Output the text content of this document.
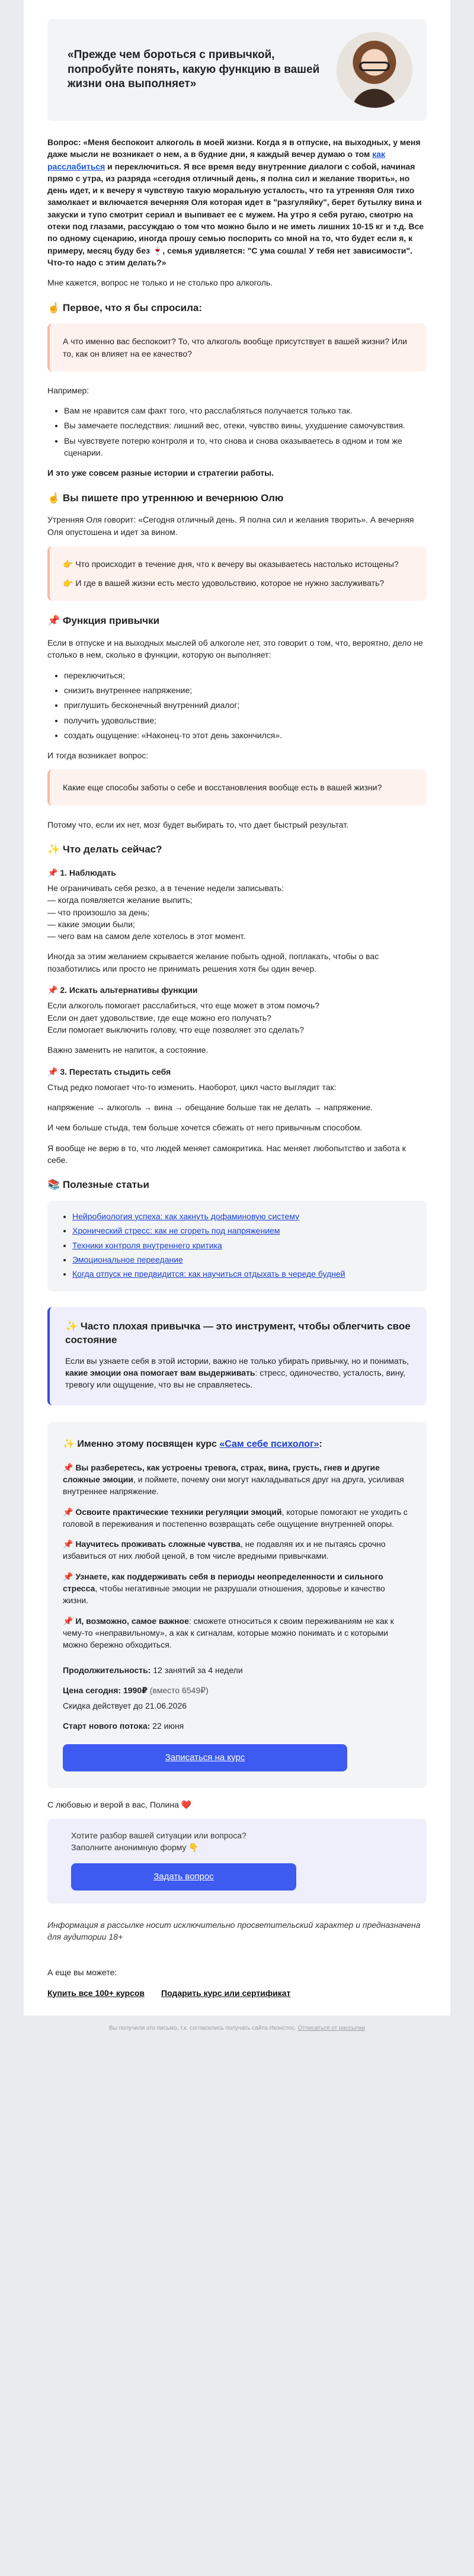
«Прежде чем бороться с привычкой, попробуйте понять, какую функцию в вашей жизни она выполняет»

Вопрос: «Меня беспокоит алкоголь в моей жизни. Когда я в отпуске, на выходных, у меня даже мысли не возникает о нем, а в будние дни, я каждый вечер думаю о том как расслабиться и переключиться. Я все время веду внутренние диалоги с собой, начиная прямо с утра, из разряда «сегодня отличный день, я полна сил и желание творить», но день идет, и к вечеру я чувствую такую моральную усталость, что та утренняя Оля тихо замолкает и включается вечерняя Оля которая идет в "разгуляйку", берет бутылку вина и закуски и тупо смотрит сериал и выпивает ее с мужем. На утро я себя ругаю, смотрю на отеки под глазами, рассуждаю о том что можно было и не иметь лишних 10-15 кг и т.д. Все по одному сценарию, иногда прошу семью поспорить со мной на то, что будет если я, к примеру, месяц буду без 🍷, семья удивляется: "С ума сошла! У тебя нет зависимости". Что-то надо с этим делать?»

Мне кажется, вопрос не только и не столько про алкоголь.

☝️ Первое, что я бы спросила:

А что именно вас беспокоит? То, что алкоголь вообще присутствует в вашей жизни? Или то, как он влияет на ее качество?

Например:

• Вам не нравится сам факт того, что расслабляться получается только так.
• Вы замечаете последствия: лишний вес, отеки, чувство вины, ухудшение самочувствия.
• Вы чувствуете потерю контроля и то, что снова и снова оказываетесь в одном и том же сценарии.

И это уже совсем разные истории и стратегии работы.

☝️ Вы пишете про утреннюю и вечернюю Олю

Утренняя Оля говорит: «Сегодня отличный день. Я полна сил и желания творить». А вечерняя Оля опустошена и идет за вином.

👉 Что происходит в течение дня, что к вечеру вы оказываетесь настолько истощены?

👉 И где в вашей жизни есть место удовольствию, которое не нужно заслуживать?

📌 Функция привычки

Если в отпуске и на выходных мыслей об алкоголе нет, это говорит о том, что, вероятно, дело не столько в нем, сколько в функции, которую он выполняет:

• переключиться;
• снизить внутреннее напряжение;
• приглушить бесконечный внутренний диалог;
• получить удовольствие;
• создать ощущение: «Наконец-то этот день закончился».

И тогда возникает вопрос:

Какие еще способы заботы о себе и восстановления вообще есть в вашей жизни?

Потому что, если их нет, мозг будет выбирать то, что дает быстрый результат.

✨ Что делать сейчас?
📌 1. Наблюдать

Не ограничивать себя резко, а в течение недели записывать:

— когда появляется желание выпить;

— что произошло за день;

— какие эмоции были;

— чего вам на самом деле хотелось в этот момент.

Иногда за этим желанием скрывается желание побыть одной, поплакать, чтобы о вас позаботились или просто не принимать решения хотя бы один вечер.

📌 2. Искать альтернативы функции

Если алкоголь помогает расслабиться, что еще может в этом помочь?

Если он дает удовольствие, где еще можно его получать?

Если помогает выключить голову, что еще позволяет это сделать?

Важно заменить не напиток, а состояние.

📌 3. Перестать стыдить себя

Стыд редко помогает что-то изменить. Наоборот, цикл часто выглядит так:

напряжение → алкоголь → вина → обещание больше так не делать → напряжение.

И чем больше стыда, тем больше хочется сбежать от него привычным способом.

Я вообще не верю в то, что людей меняет самокритика. Нас меняет любопытство и забота к себе.

📚 Полезные статьи
• Нейробиология успеха: как хакнуть дофаминовую систему
• Хронический стресс: как не сгореть под напряжением
• Техники контроля внутреннего критика
• Эмоциональное переедание
• Когда отпуск не предвидится: как научиться отдыхать в череде будней
✨ Часто плохая привычка — это инструмент, чтобы облегчить свое состояние

Если вы узнаете себя в этой истории, важно не только убирать привычку, но и понимать, какие эмоции она помогает вам выдерживать: стресс, одиночество, усталость, вину, тревогу или ощущение, что вы не справляетесь.

✨ Именно этому посвящен курс «Сам себе психолог»:

📌 Вы разберетесь, как устроены тревога, страх, вина, грусть, гнев и другие сложные эмоции, и поймете, почему они могут накладываться друг на друга, усиливая внутреннее напряжение.

📌 Освоите практические техники регуляции эмоций, которые помогают не уходить с головой в переживания и постепенно возвращать себе ощущение внутренней опоры.

📌 Научитесь проживать сложные чувства, не подавляя их и не пытаясь срочно избавиться от них любой ценой, в том числе вредными привычками.

📌 Узнаете, как поддерживать себя в периоды неопределенности и сильного стресса, чтобы негативные эмоции не разрушали отношения, здоровье и качество жизни.

📌 И, возможно, самое важное: сможете относиться к своим переживаниям не как к чему-то «неправильному», а как к сигналам, которые можно понимать и с которыми можно бережно обходиться.

Продолжительность: 12 занятий за 4 недели

Цена сегодня: 1990₽ (вместо 6549₽)

Скидка действует до 21.06.2026

Старт нового потока: 22 июня

Записаться на курс

С любовью и верой в вас, Полина ❤️

Хотите разбор вашей ситуации или вопроса?

Заполните анонимную форму 👇

Задать вопрос

Информация в рассылке носит исключительно просветительский характер и предназначена для аудитории 18+

А еще вы можете:

Купить все 100+ курсов Подарить курс или сертификат
Вы получили это письмо, т.к. согласились получать сайта Иконстос. Отписаться от рассылки
